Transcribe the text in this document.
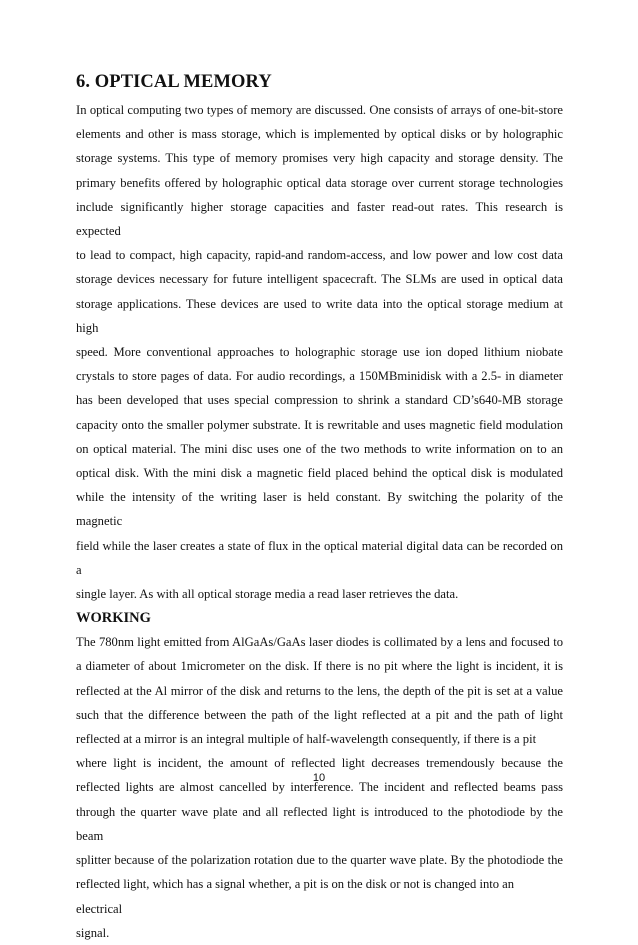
6. OPTICAL MEMORY
In optical computing two types of memory are discussed. One consists of arrays of one-bit-store
elements and other is mass storage, which is implemented by optical disks or by holographic
storage systems. This type of memory promises very high capacity and storage density. The
primary benefits offered by holographic optical data storage over current storage technologies
include significantly higher storage capacities and faster read-out rates. This research is expected
to lead to compact, high capacity, rapid-and random-access, and low power and low cost data
storage devices necessary for future intelligent spacecraft. The SLMs are used in optical data
storage applications. These devices are used to write data into the optical storage medium at high
speed. More conventional approaches to holographic storage use ion doped lithium niobate
crystals to store pages of data. For audio recordings, a 150MBminidisk with a 2.5- in diameter
has been developed that uses special compression to shrink a standard CD’s640-MB storage
capacity onto the smaller polymer substrate. It is rewritable and uses magnetic field modulation
on optical material. The mini disc uses one of the two methods to write information on to an
optical disk. With the mini disk a magnetic field placed behind the optical disk is modulated
while the intensity of the writing laser is held constant. By switching the polarity of the magnetic
field while the laser creates a state of flux in the optical material digital data can be recorded on a
single layer. As with all optical storage media a read laser retrieves the data.
WORKING
The 780nm light emitted from AlGaAs/GaAs laser diodes is collimated by a lens and focused to
a diameter of about 1micrometer on the disk. If there is no pit where the light is incident, it is
reflected at the Al mirror of the disk and returns to the lens, the depth of the pit is set at a value
such that the difference between the path of the light reflected at a pit and the path of light
reflected at a mirror is an integral multiple of half-wavelength consequently, if there is a pit
where light is incident, the amount of reflected light decreases tremendously because the
reflected lights are almost cancelled by interference. The incident and reflected beams pass
through the quarter wave plate and all reflected light is introduced to the photodiode by the beam
splitter because of the polarization rotation due to the quarter wave plate. By the photodiode the
reflected light, which has a signal whether, a pit is on the disk or not is changed into an electrical
signal.
10
